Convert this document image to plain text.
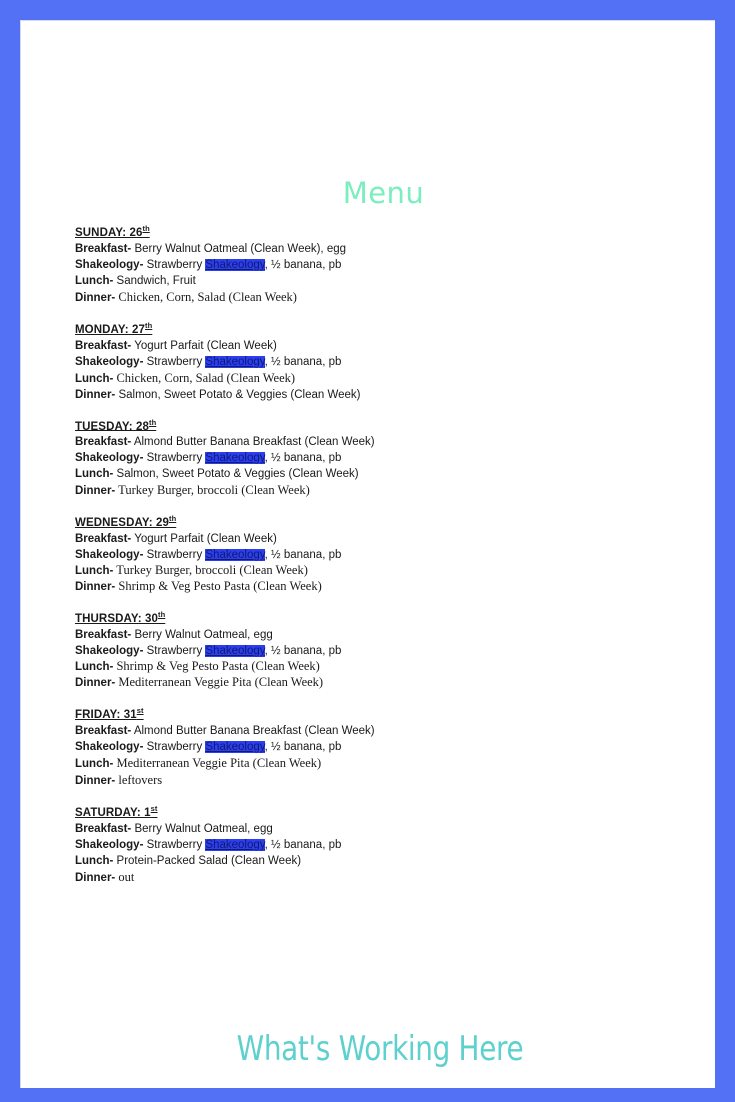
Menu
SUNDAY: 26th
Breakfast- Berry Walnut Oatmeal (Clean Week), egg
Shakeology- Strawberry Shakeology, ½ banana, pb
Lunch- Sandwich, Fruit
Dinner- Chicken, Corn, Salad (Clean Week)
MONDAY: 27th
Breakfast- Yogurt Parfait (Clean Week)
Shakeology- Strawberry Shakeology, ½ banana, pb
Lunch- Chicken, Corn, Salad (Clean Week)
Dinner- Salmon, Sweet Potato & Veggies (Clean Week)
TUESDAY: 28th
Breakfast- Almond Butter Banana Breakfast (Clean Week)
Shakeology- Strawberry Shakeology, ½ banana, pb
Lunch- Salmon, Sweet Potato & Veggies (Clean Week)
Dinner- Turkey Burger, broccoli (Clean Week)
WEDNESDAY: 29th
Breakfast- Yogurt Parfait (Clean Week)
Shakeology- Strawberry Shakeology, ½ banana, pb
Lunch- Turkey Burger, broccoli (Clean Week)
Dinner- Shrimp & Veg Pesto Pasta (Clean Week)
THURSDAY: 30th
Breakfast- Berry Walnut Oatmeal, egg
Shakeology- Strawberry Shakeology, ½ banana, pb
Lunch- Shrimp & Veg Pesto Pasta (Clean Week)
Dinner- Mediterranean Veggie Pita (Clean Week)
FRIDAY: 31st
Breakfast- Almond Butter Banana Breakfast (Clean Week)
Shakeology- Strawberry Shakeology, ½ banana, pb
Lunch- Mediterranean Veggie Pita (Clean Week)
Dinner- leftovers
SATURDAY: 1st
Breakfast- Berry Walnut Oatmeal, egg
Shakeology- Strawberry Shakeology, ½ banana, pb
Lunch- Protein-Packed Salad (Clean Week)
Dinner- out
What's Working Here
